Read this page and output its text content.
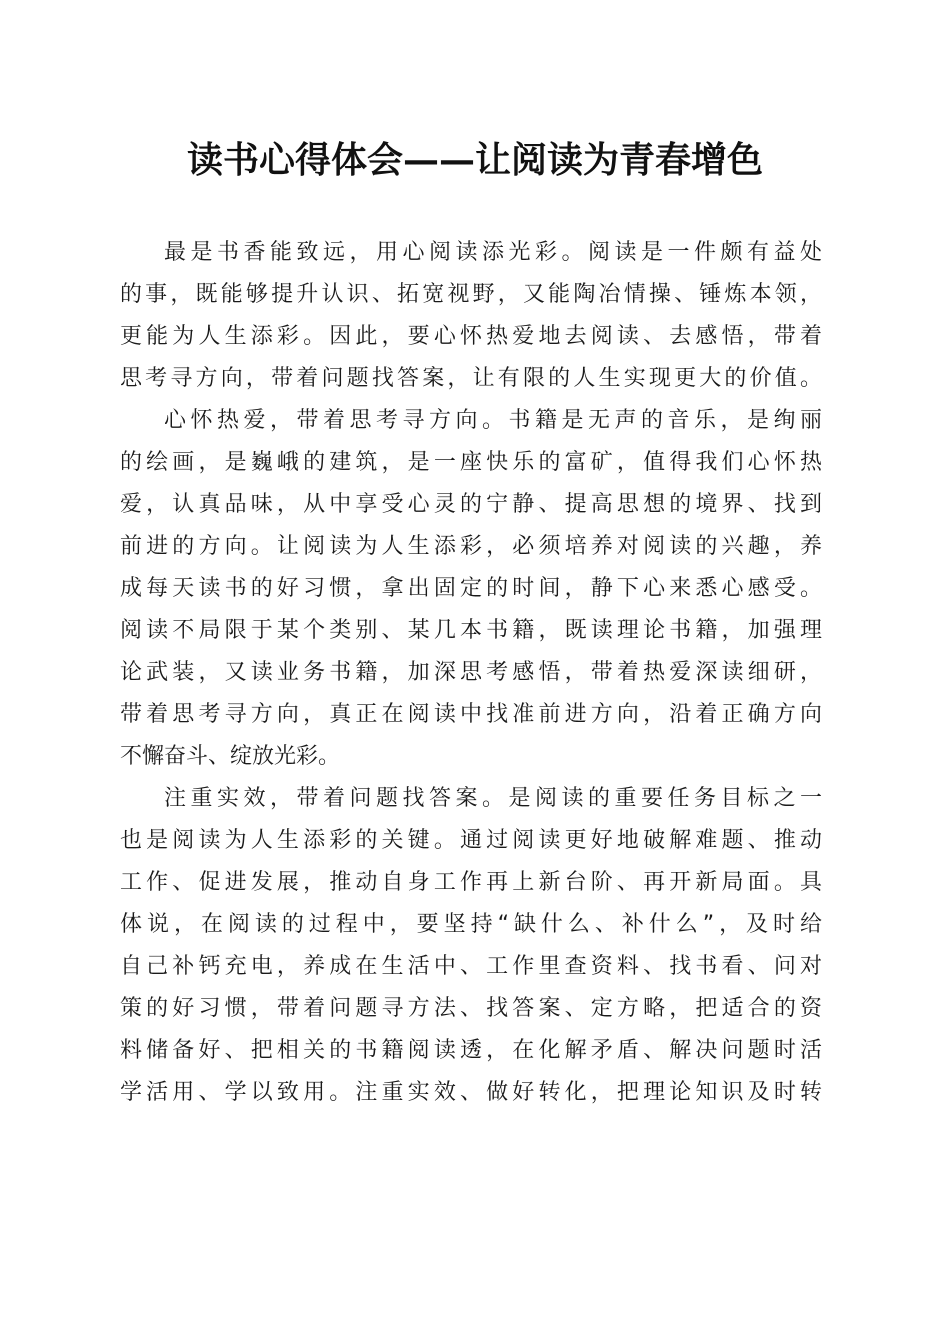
读书心得体会——让阅读为青春增色
最是书香能致远，用心阅读添光彩。阅读是一件颇有益处
的事，既能够提升认识、拓宽视野，又能陶冶情操、锤炼本领，
更能为人生添彩。因此，要心怀热爱地去阅读、去感悟，带着
思考寻方向，带着问题找答案，让有限的人生实现更大的价值。
心怀热爱，带着思考寻方向。书籍是无声的音乐，是绚丽
的绘画，是巍峨的建筑，是一座快乐的富矿，值得我们心怀热
爱，认真品味，从中享受心灵的宁静、提高思想的境界、找到
前进的方向。让阅读为人生添彩，必须培养对阅读的兴趣，养
成每天读书的好习惯，拿出固定的时间，静下心来悉心感受。
阅读不局限于某个类别、某几本书籍，既读理论书籍，加强理
论武装，又读业务书籍，加深思考感悟，带着热爱深读细研，
带着思考寻方向，真正在阅读中找准前进方向，沿着正确方向
不懈奋斗、绽放光彩。
注重实效，带着问题找答案。是阅读的重要任务目标之一
也是阅读为人生添彩的关键。通过阅读更好地破解难题、推动
工作、促进发展，推动自身工作再上新台阶、再开新局面。具
体说，在阅读的过程中，要坚持“缺什么、补什么”，及时给
自己补钙充电，养成在生活中、工作里查资料、找书看、问对
策的好习惯，带着问题寻方法、找答案、定方略，把适合的资
料储备好、把相关的书籍阅读透，在化解矛盾、解决问题时活
学活用、学以致用。注重实效、做好转化，把理论知识及时转
